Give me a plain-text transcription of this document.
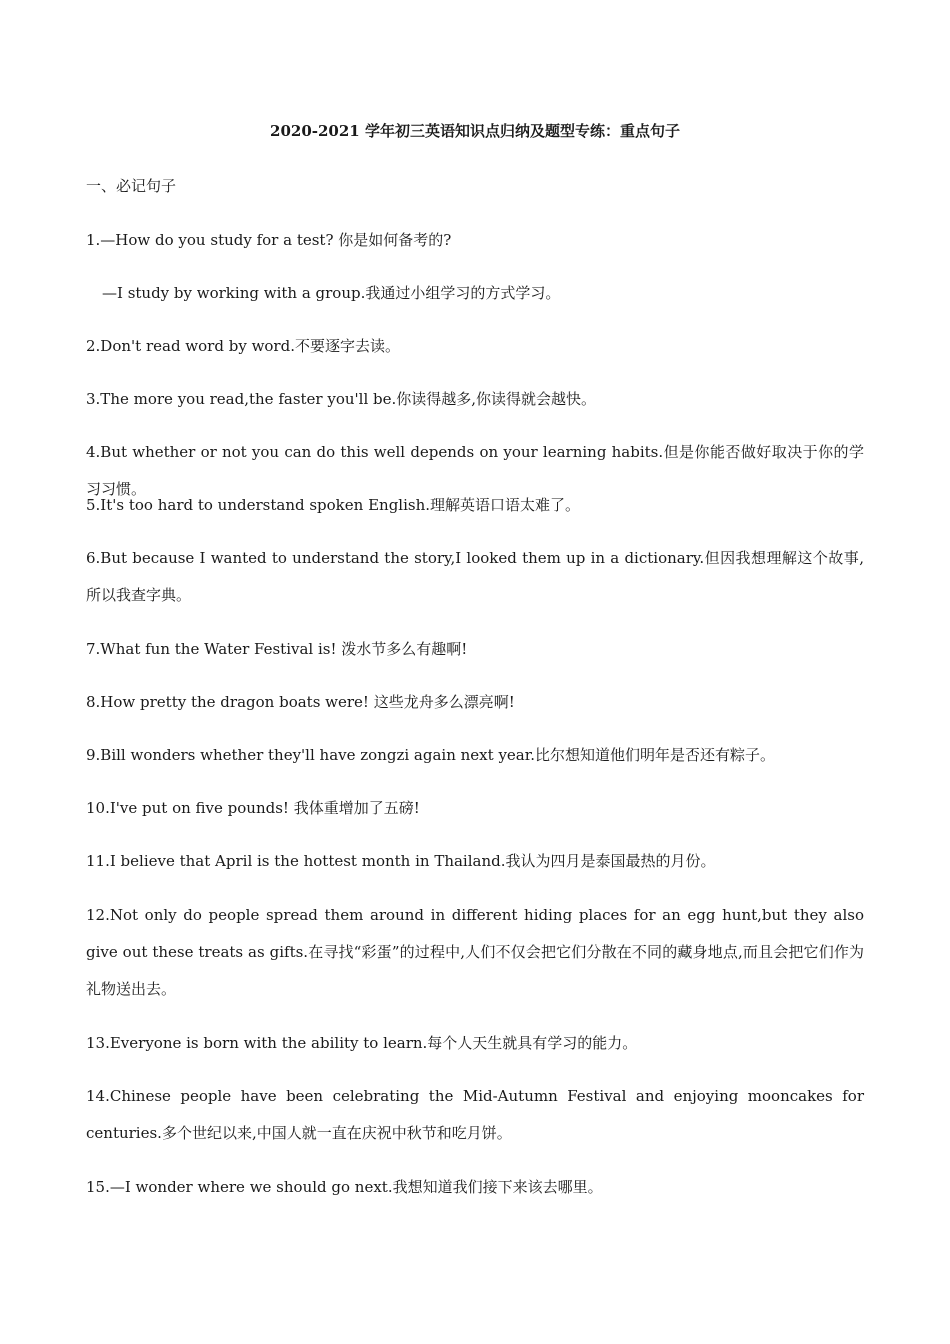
2020-2021 学年初三英语知识点归纳及题型专练：重点句子
一、必记句子
1.—How do you study for a test? 你是如何备考的?
—I study by working with a group.我通过小组学习的方式学习。
2.Don't read word by word.不要逐字去读。
3.The more you read,the faster you'll be.你读得越多,你读得就会越快。
4.But whether or not you can do this well depends on your learning habits.但是你能否做好取决于你的学习习惯。
5.It's too hard to understand spoken English.理解英语口语太难了。
6.But because I wanted to understand the story,I looked them up in a dictionary.但因我想理解这个故事,所以我查字典。
7.What fun the Water Festival is! 泼水节多么有趣啊!
8.How pretty the dragon boats were! 这些龙舟多么漂亮啊!
9.Bill wonders whether they'll have zongzi again next year.比尔想知道他们明年是否还有粽子。
10.I've put on five pounds! 我体重增加了五磅!
11.I believe that April is the hottest month in Thailand.我认为四月是泰国最热的月份。
12.Not only do people spread them around in different hiding places for an egg hunt,but they also give out these treats as gifts.在寻找“彩蛋”的过程中,人们不仅会把它们分散在不同的藏身地点,而且会把它们作为礼物送出去。
13.Everyone is born with the ability to learn.每个人天生就具有学习的能力。
14.Chinese people have been celebrating the Mid-Autumn Festival and enjoying mooncakes for centuries.多个世纪以来,中国人就一直在庆祝中秋节和吃月饼。
15.—I wonder where we should go next.我想知道我们接下来该去哪里。
